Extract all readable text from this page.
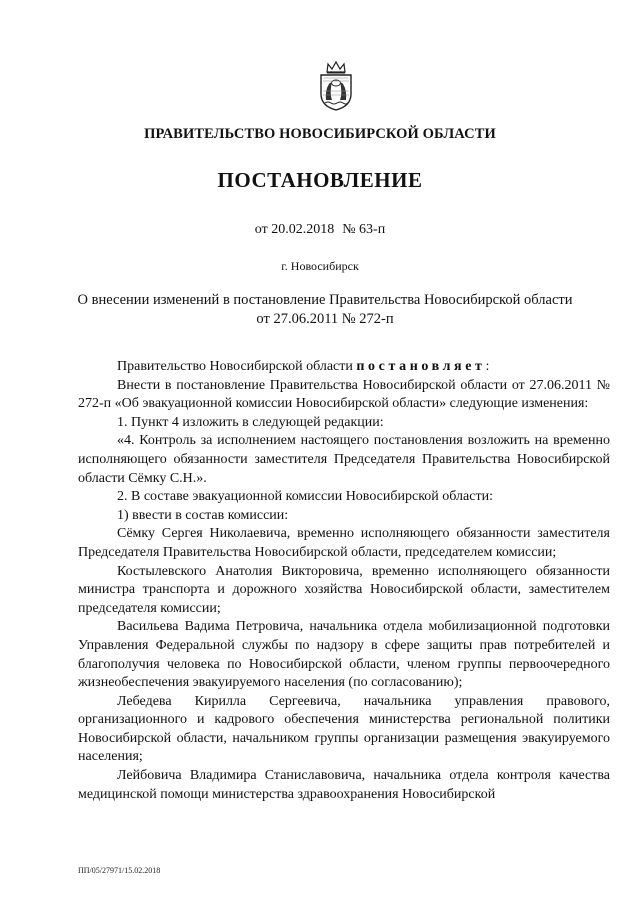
ПРАВИТЕЛЬСТВО НОВОСИБИРСКОЙ ОБЛАСТИ
ПОСТАНОВЛЕНИЕ
от 20.02.2018 № 63-п
г. Новосибирск
О внесении изменений в постановление Правительства Новосибирской области
от 27.06.2011 № 272-п

Правительство Новосибирской области постановляет:

Внести в постановление Правительства Новосибирской области от 27.06.2011 № 272-п «Об эвакуационной комиссии Новосибирской области» следующие изменения:

1. Пункт 4 изложить в следующей редакции:

«4. Контроль за исполнением настоящего постановления возложить на временно исполняющего обязанности заместителя Председателя Правительства Новосибирской области Сёмку С.Н.».

2. В составе эвакуационной комиссии Новосибирской области:

1) ввести в состав комиссии:

Сёмку Сергея Николаевича, временно исполняющего обязанности заместителя Председателя Правительства Новосибирской области, председателем комиссии;

Костылевского Анатолия Викторовича, временно исполняющего обязанности министра транспорта и дорожного хозяйства Новосибирской области, заместителем председателя комиссии;

Васильева Вадима Петровича, начальника отдела мобилизационной подготовки Управления Федеральной службы по надзору в сфере защиты прав потребителей и благополучия человека по Новосибирской области, членом группы первоочередного жизнеобеспечения эвакуируемого населения (по согласованию);

Лебедева Кирилла Сергеевича, начальника управления правового, организационного и кадрового обеспечения министерства региональной политики Новосибирской области, начальником группы организации размещения эвакуируемого населения;

Лейбовича Владимира Станиславовича, начальника отдела контроля качества медицинской помощи министерства здравоохранения Новосибирской

ПП/05/27971/15.02.2018
